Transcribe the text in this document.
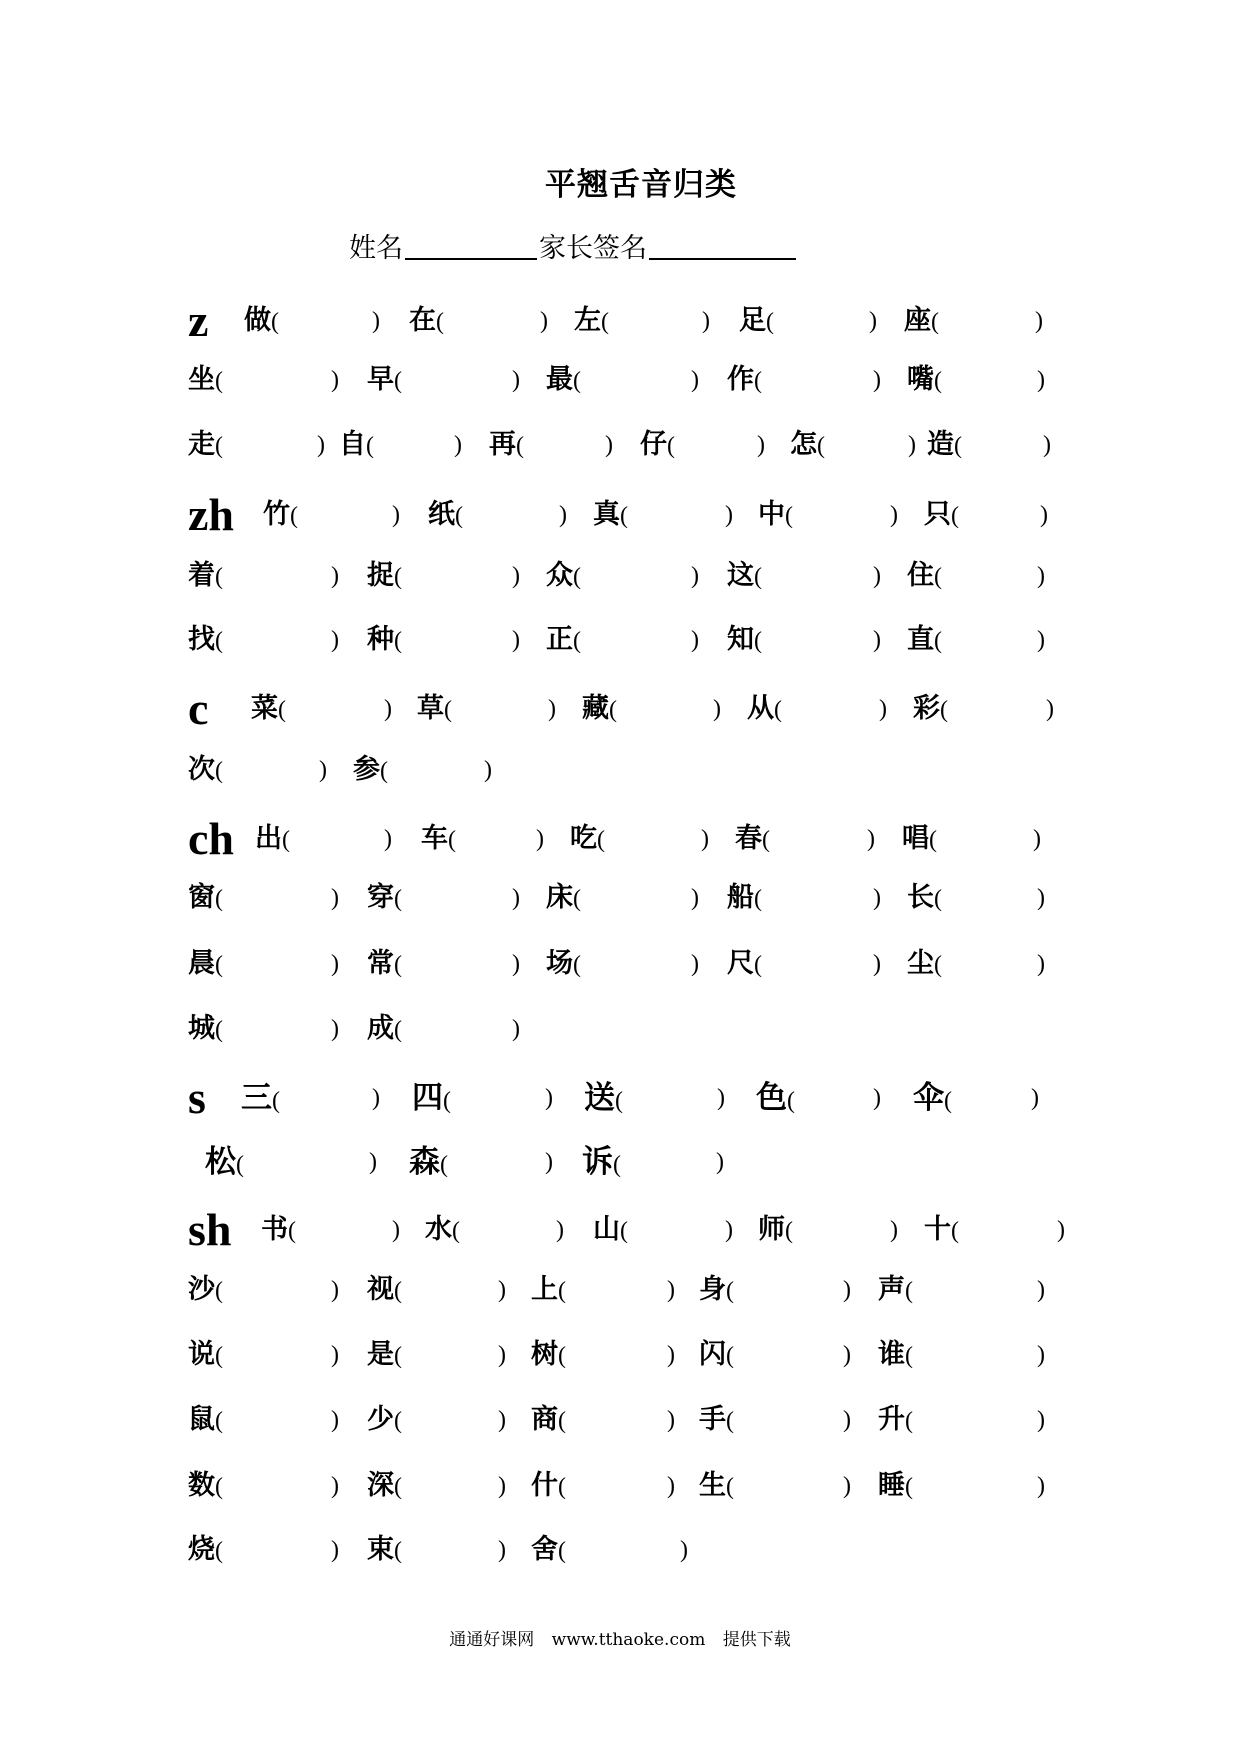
平翘舌音归类
姓名	家长签名
z 做(	) 在(	) 左(	) 足(	) 座(	)
坐(	) 早(	) 最(	) 作(	) 嘴(	)
走(	) 自(	) 再(	) 仔(	) 怎(	) 造(	)
zh 竹(	) 纸(	) 真(	) 中(	) 只(	)
着(	) 捉(	) 众(	) 这(	) 住(	)
找(	) 种(	) 正(	) 知(	) 直(	)
c 菜(	) 草(	) 藏(	) 从(	) 彩(	)
次(	) 参(	)
ch 出(	) 车(	) 吃(	) 春(	) 唱(	)
窗(	) 穿(	) 床(	) 船(	) 长(	)
晨(	) 常(	) 场(	) 尺(	) 尘(	)
城(	) 成(	)
s 三(	) 四(	) 送(	) 色(	) 伞(	)
松(	) 森(	) 诉(	)
sh 书(	) 水(	) 山(	) 师(	) 十(	)
沙(	) 视(	) 上(	) 身(	) 声(	)
说(	) 是(	) 树(	) 闪(	) 谁(	)
鼠(	) 少(	) 商(	) 手(	) 升(	)
数(	) 深(	) 什(	) 生(	) 睡(	)
烧(	) 束(	) 舍(	)
通通好课网 www.tthaoke.com 提供下载
